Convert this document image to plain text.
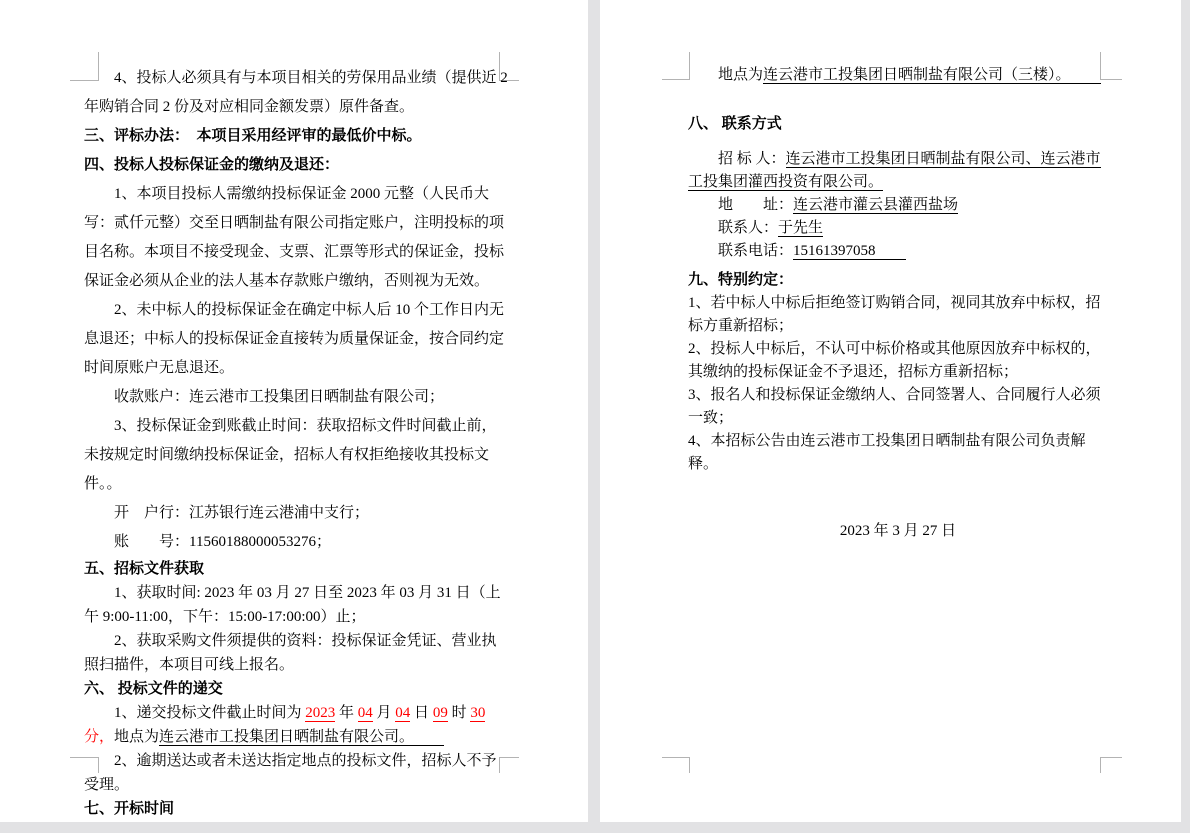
4、投标人必须具有与本项目相关的劳保用品业绩（提供近 2 年购销合同 2 份及对应相同金额发票）原件备查。

三、评标办法：　本项目采用经评审的最低价中标。
四、投标人投标保证金的缴纳及退还：

1、本项目投标人需缴纳投标保证金 2000 元整（人民币大写：贰仟元整）交至日晒制盐有限公司指定账户，注明投标的项目名称。本项目不接受现金、支票、汇票等形式的保证金，投标保证金必须从企业的法人基本存款账户缴纳，否则视为无效。

2、未中标人的投标保证金在确定中标人后 10 个工作日内无息退还；中标人的投标保证金直接转为质量保证金，按合同约定时间原账户无息退还。

收款账户：连云港市工投集团日晒制盐有限公司；

3、投标保证金到账截止时间：获取招标文件时间截止前，未按规定时间缴纳投标保证金，招标人有权拒绝接收其投标文件。。

开　户行：江苏银行连云港浦中支行；

账　　号：11560188000053276；

五、招标文件获取

1、获取时间: 2023 年 03 月 27 日至 2023 年 03 月 31 日（上午 9:00-11:00，下午：15:00-17:00:00）止；

2、获取采购文件须提供的资料：投标保证金凭证、营业执照扫描件，本项目可线上报名。

六、 投标文件的递交

1、递交投标文件截止时间为 2023 年 04 月 04 日 09 时 30 分，地点为连云港市工投集团日晒制盐有限公司。

2、逾期送达或者未送达指定地点的投标文件，招标人不予受理。

七、开标时间

地点为连云港市工投集团日晒制盐有限公司（三楼）。

八、 联系方式

招 标 人：连云港市工投集团日晒制盐有限公司、连云港市工投集团灌西投资有限公司。

地　　址：连云港市灌云县灌西盐场

联系人：于先生

联系电话：15161397058

九、特别约定：

1、若中标人中标后拒绝签订购销合同，视同其放弃中标权，招标方重新招标；

2、投标人中标后，不认可中标价格或其他原因放弃中标权的，其缴纳的投标保证金不予退还，招标方重新招标；

3、报名人和投标保证金缴纳人、合同签署人、合同履行人必须一致；

4、本招标公告由连云港市工投集团日晒制盐有限公司负责解释。

2023 年 3 月 27 日
